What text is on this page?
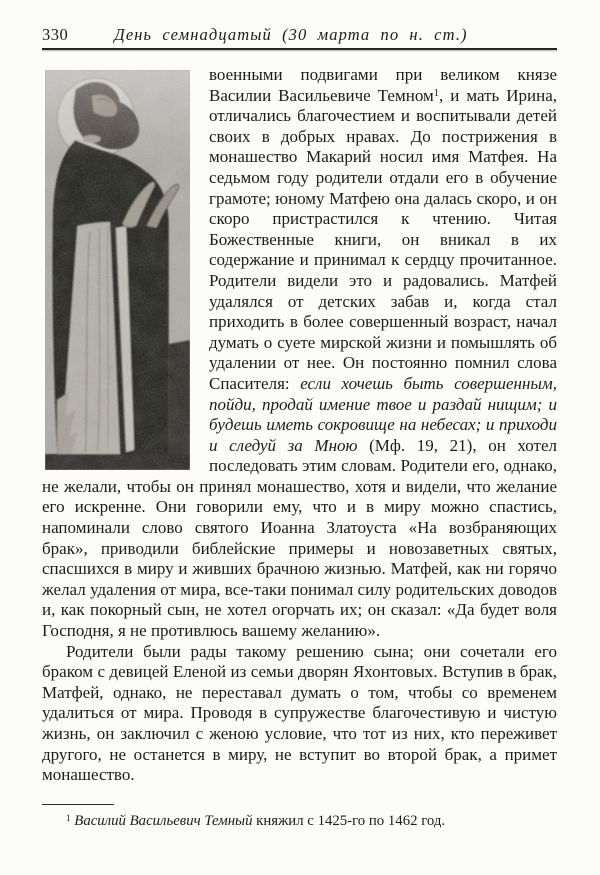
330	День семнадцатый (30 марта по н. ст.)

военными подвигами при великом князе Василии Васильевиче Темном$^1$, и мать Ирина, отличались благочестием и воспитывали детей своих в добрых нравах. До пострижения в монашество Макарий носил имя Матфея. На седьмом году родители отдали его в обучение грамоте; юному Матфею она далась скоро, и он скоро пристрастился к чтению. Читая Божественные книги, он вникал в их содержание и принимал к сердцу прочитанное. Родители видели это и радовались. Матфей удалялся от детских забав и, когда стал приходить в более совершенный возраст, начал думать о суете мирской жизни и помышлять об удалении от нее. Он постоянно помнил слова Спасителя: если хочешь быть совершенным, пойди, продай имение твое и раздай нищим; и будешь иметь сокровище на небесах; и приходи и следуй за Мною (Мф. 19, 21), он хотел последовать этим словам. Родители его, однако, не желали, чтобы он принял монашество, хотя и видели, что желание его искренне. Они говорили ему, что и в миру можно спастись, напоминали слово святого Иоанна Златоуста «На возбраняющих брак», приводили библейские примеры и новозаветных святых, спасшихся в миру и живших брачною жизнью. Матфей, как ни горячо желал удаления от мира, все-таки понимал силу родительских доводов и, как покорный сын, не хотел огорчать их; он сказал: «Да будет воля Господня, я не противлюсь вашему желанию».

Родители были рады такому решению сына; они сочетали его браком с девицей Еленой из семьи дворян Яхонтовых. Вступив в брак, Матфей, однако, не переставал думать о том, чтобы со временем удалиться от мира. Проводя в супружестве благочестивую и чистую жизнь, он заключил с женою условие, что тот из них, кто переживет другого, не останется в миру, не вступит во второй брак, а примет монашество.

$^1$ Василий Васильевич Темный княжил с 1425-го по 1462 год.
